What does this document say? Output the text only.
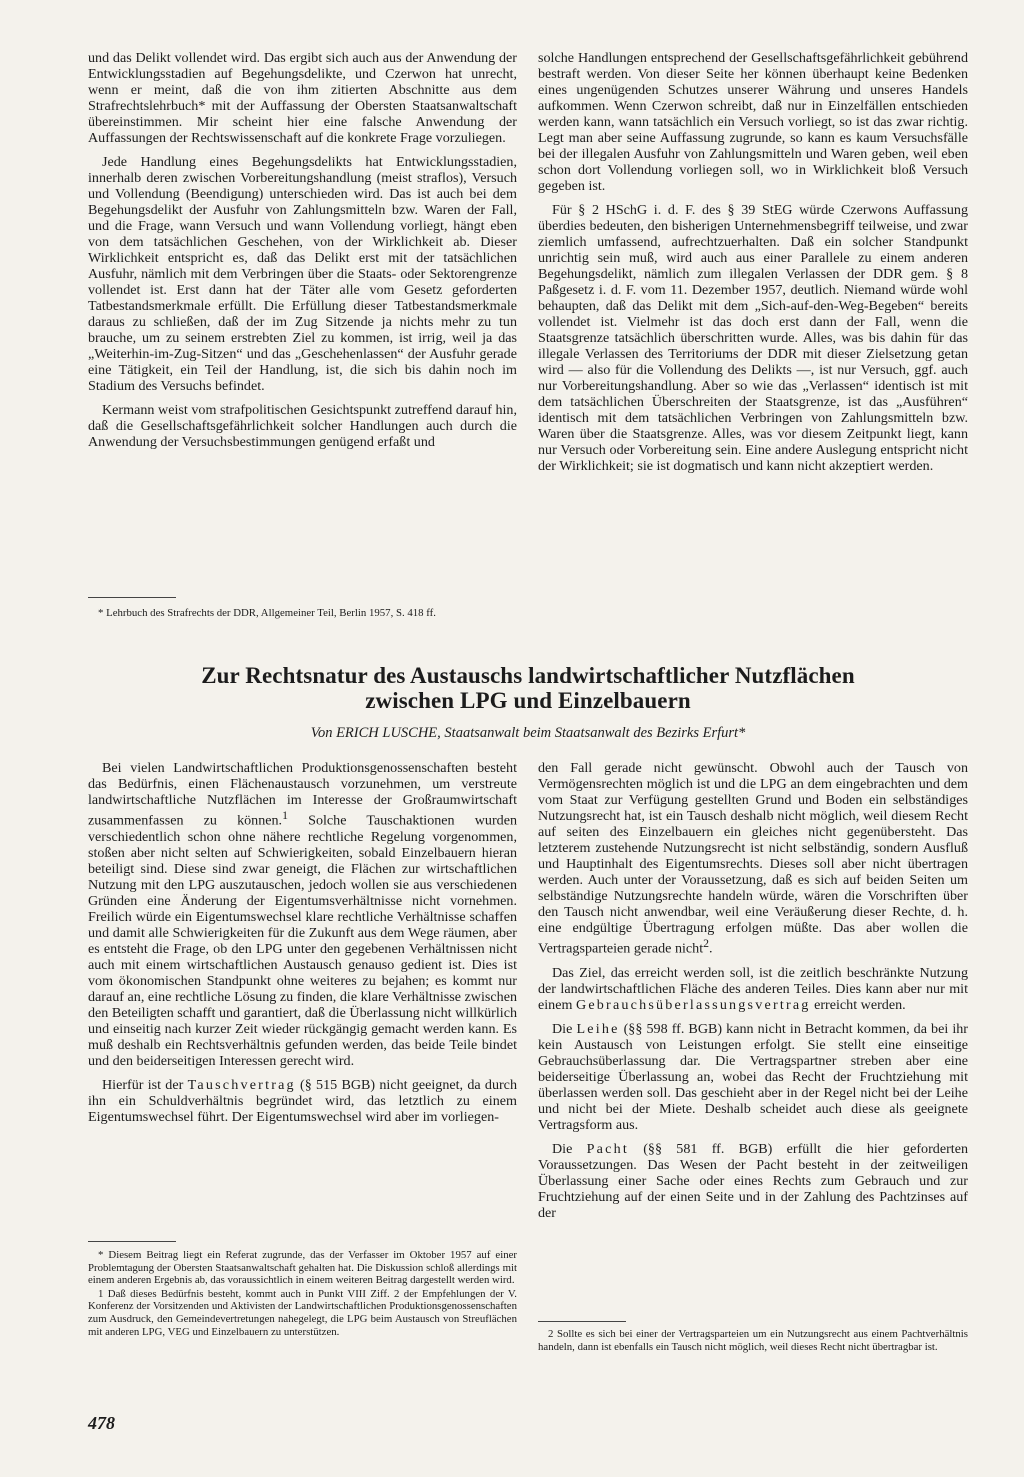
und das Delikt vollendet wird. Das ergibt sich auch aus der Anwendung der Entwicklungsstadien auf Begehungsdelikte, und Czerwon hat unrecht, wenn er meint, daß die von ihm zitierten Abschnitte aus dem Strafrechtslehrbuch* mit der Auffassung der Obersten Staatsanwaltschaft übereinstimmen. Mir scheint hier eine falsche Anwendung der Auffassungen der Rechtswissenschaft auf die konkrete Frage vorzuliegen.

Jede Handlung eines Begehungsdelikts hat Entwicklungsstadien, innerhalb deren zwischen Vorbereitungshandlung (meist straflos), Versuch und Vollendung (Beendigung) unterschieden wird. Das ist auch bei dem Begehungsdelikt der Ausfuhr von Zahlungsmitteln bzw. Waren der Fall, und die Frage, wann Versuch und wann Vollendung vorliegt, hängt eben von dem tatsächlichen Geschehen, von der Wirklichkeit ab. Dieser Wirklichkeit entspricht es, daß das Delikt erst mit der tatsächlichen Ausfuhr, nämlich mit dem Verbringen über die Staats- oder Sektorengrenze vollendet ist. Erst dann hat der Täter alle vom Gesetz geforderten Tatbestandsmerkmale erfüllt. Die Erfüllung dieser Tatbestandsmerkmale daraus zu schließen, daß der im Zug Sitzende ja nichts mehr zu tun brauche, um zu seinem erstrebten Ziel zu kommen, ist irrig, weil ja das „Weiterhin-im-Zug-Sitzen“ und das „Geschehenlassen“ der Ausfuhr gerade eine Tätigkeit, ein Teil der Handlung, ist, die sich bis dahin noch im Stadium des Versuchs befindet.

Kermann weist vom strafpolitischen Gesichtspunkt zutreffend darauf hin, daß die Gesellschaftsgefährlichkeit solcher Handlungen auch durch die Anwendung der Versuchsbestimmungen genügend erfaßt und

* Lehrbuch des Strafrechts der DDR, Allgemeiner Teil, Berlin 1957, S. 418 ff.

solche Handlungen entsprechend der Gesellschaftsgefährlichkeit gebührend bestraft werden. Von dieser Seite her können überhaupt keine Bedenken eines ungenügenden Schutzes unserer Währung und unseres Handels aufkommen. Wenn Czerwon schreibt, daß nur in Einzelfällen entschieden werden kann, wann tatsächlich ein Versuch vorliegt, so ist das zwar richtig. Legt man aber seine Auffassung zugrunde, so kann es kaum Versuchsfälle bei der illegalen Ausfuhr von Zahlungsmitteln und Waren geben, weil eben schon dort Vollendung vorliegen soll, wo in Wirklichkeit bloß Versuch gegeben ist.

Für § 2 HSchG i. d. F. des § 39 StEG würde Czerwons Auffassung überdies bedeuten, den bisherigen Unternehmensbegriff teilweise, und zwar ziemlich umfassend, aufrechtzuerhalten. Daß ein solcher Standpunkt unrichtig sein muß, wird auch aus einer Parallele zu einem anderen Begehungsdelikt, nämlich zum illegalen Verlassen der DDR gem. § 8 Paßgesetz i. d. F. vom 11. Dezember 1957, deutlich. Niemand würde wohl behaupten, daß das Delikt mit dem „Sich-auf-den-Weg-Begeben“ bereits vollendet ist. Vielmehr ist das doch erst dann der Fall, wenn die Staatsgrenze tatsächlich überschritten wurde. Alles, was bis dahin für das illegale Verlassen des Territoriums der DDR mit dieser Zielsetzung getan wird — also für die Vollendung des Delikts —, ist nur Versuch, ggf. auch nur Vorbereitungshandlung. Aber so wie das „Verlassen“ identisch ist mit dem tatsächlichen Überschreiten der Staatsgrenze, ist das „Ausführen“ identisch mit dem tatsächlichen Verbringen von Zahlungsmitteln bzw. Waren über die Staatsgrenze. Alles, was vor diesem Zeitpunkt liegt, kann nur Versuch oder Vorbereitung sein. Eine andere Auslegung entspricht nicht der Wirklichkeit; sie ist dogmatisch und kann nicht akzeptiert werden.

Zur Rechtsnatur des Austauschs landwirtschaftlicher Nutzflächen
zwischen LPG und Einzelbauern
Von ERICH LUSCHE, Staatsanwalt beim Staatsanwalt des Bezirks Erfurt*

Bei vielen Landwirtschaftlichen Produktionsgenossenschaften besteht das Bedürfnis, einen Flächenaustausch vorzunehmen, um verstreute landwirtschaftliche Nutzflächen im Interesse der Großraumwirtschaft zusammenfassen zu können.$^1$ Solche Tauschaktionen wurden verschiedentlich schon ohne nähere rechtliche Regelung vorgenommen, stoßen aber nicht selten auf Schwierigkeiten, sobald Einzelbauern hieran beteiligt sind. Diese sind zwar geneigt, die Flächen zur wirtschaftlichen Nutzung mit den LPG auszutauschen, jedoch wollen sie aus verschiedenen Gründen eine Änderung der Eigentumsverhältnisse nicht vornehmen. Freilich würde ein Eigentumswechsel klare rechtliche Verhältnisse schaffen und damit alle Schwierigkeiten für die Zukunft aus dem Wege räumen, aber es entsteht die Frage, ob den LPG unter den gegebenen Verhältnissen nicht auch mit einem wirtschaftlichen Austausch genauso gedient ist. Dies ist vom ökonomischen Standpunkt ohne weiteres zu bejahen; es kommt nur darauf an, eine rechtliche Lösung zu finden, die klare Verhältnisse zwischen den Beteiligten schafft und garantiert, daß die Überlassung nicht willkürlich und einseitig nach kurzer Zeit wieder rückgängig gemacht werden kann. Es muß deshalb ein Rechtsverhältnis gefunden werden, das beide Teile bindet und den beiderseitigen Interessen gerecht wird.

Hierfür ist der Tauschvertrag (§ 515 BGB) nicht geeignet, da durch ihn ein Schuldverhältnis begründet wird, das letztlich zu einem Eigentumswechsel führt. Der Eigentumswechsel wird aber im vorliegen-

* Diesem Beitrag liegt ein Referat zugrunde, das der Verfasser im Oktober 1957 auf einer Problemtagung der Obersten Staatsanwaltschaft gehalten hat. Die Diskussion schloß allerdings mit einem anderen Ergebnis ab, das voraussichtlich in einem weiteren Beitrag dargestellt werden wird.

1 Daß dieses Bedürfnis besteht, kommt auch in Punkt VIII Ziff. 2 der Empfehlungen der V. Konferenz der Vorsitzenden und Aktivisten der Landwirtschaftlichen Produktionsgenossenschaften zum Ausdruck, den Gemeindevertretungen nahegelegt, die LPG beim Austausch von Streuflächen mit anderen LPG, VEG und Einzelbauern zu unterstützen.

den Fall gerade nicht gewünscht. Obwohl auch der Tausch von Vermögensrechten möglich ist und die LPG an dem eingebrachten und dem vom Staat zur Verfügung gestellten Grund und Boden ein selbständiges Nutzungsrecht hat, ist ein Tausch deshalb nicht möglich, weil diesem Recht auf seiten des Einzelbauern ein gleiches nicht gegenübersteht. Das letzterem zustehende Nutzungsrecht ist nicht selbständig, sondern Ausfluß und Hauptinhalt des Eigentumsrechts. Dieses soll aber nicht übertragen werden. Auch unter der Voraussetzung, daß es sich auf beiden Seiten um selbständige Nutzungsrechte handeln würde, wären die Vorschriften über den Tausch nicht anwendbar, weil eine Veräußerung dieser Rechte, d. h. eine endgültige Übertragung erfolgen müßte. Das aber wollen die Vertragsparteien gerade nicht$^2$.

Das Ziel, das erreicht werden soll, ist die zeitlich beschränkte Nutzung der landwirtschaftlichen Fläche des anderen Teiles. Dies kann aber nur mit einem Gebrauchsüberlassungsvertrag erreicht werden.

Die Leihe (§§ 598 ff. BGB) kann nicht in Betracht kommen, da bei ihr kein Austausch von Leistungen erfolgt. Sie stellt eine einseitige Gebrauchsüberlassung dar. Die Vertragspartner streben aber eine beiderseitige Überlassung an, wobei das Recht der Fruchtziehung mit überlassen werden soll. Das geschieht aber in der Regel nicht bei der Leihe und nicht bei der Miete. Deshalb scheidet auch diese als geeignete Vertragsform aus.

Die Pacht (§§ 581 ff. BGB) erfüllt die hier geforderten Voraussetzungen. Das Wesen der Pacht besteht in der zeitweiligen Überlassung einer Sache oder eines Rechts zum Gebrauch und zur Fruchtziehung auf der einen Seite und in der Zahlung des Pachtzinses auf der

2 Sollte es sich bei einer der Vertragsparteien um ein Nutzungsrecht aus einem Pachtverhältnis handeln, dann ist ebenfalls ein Tausch nicht möglich, weil dieses Recht nicht übertragbar ist.

478
